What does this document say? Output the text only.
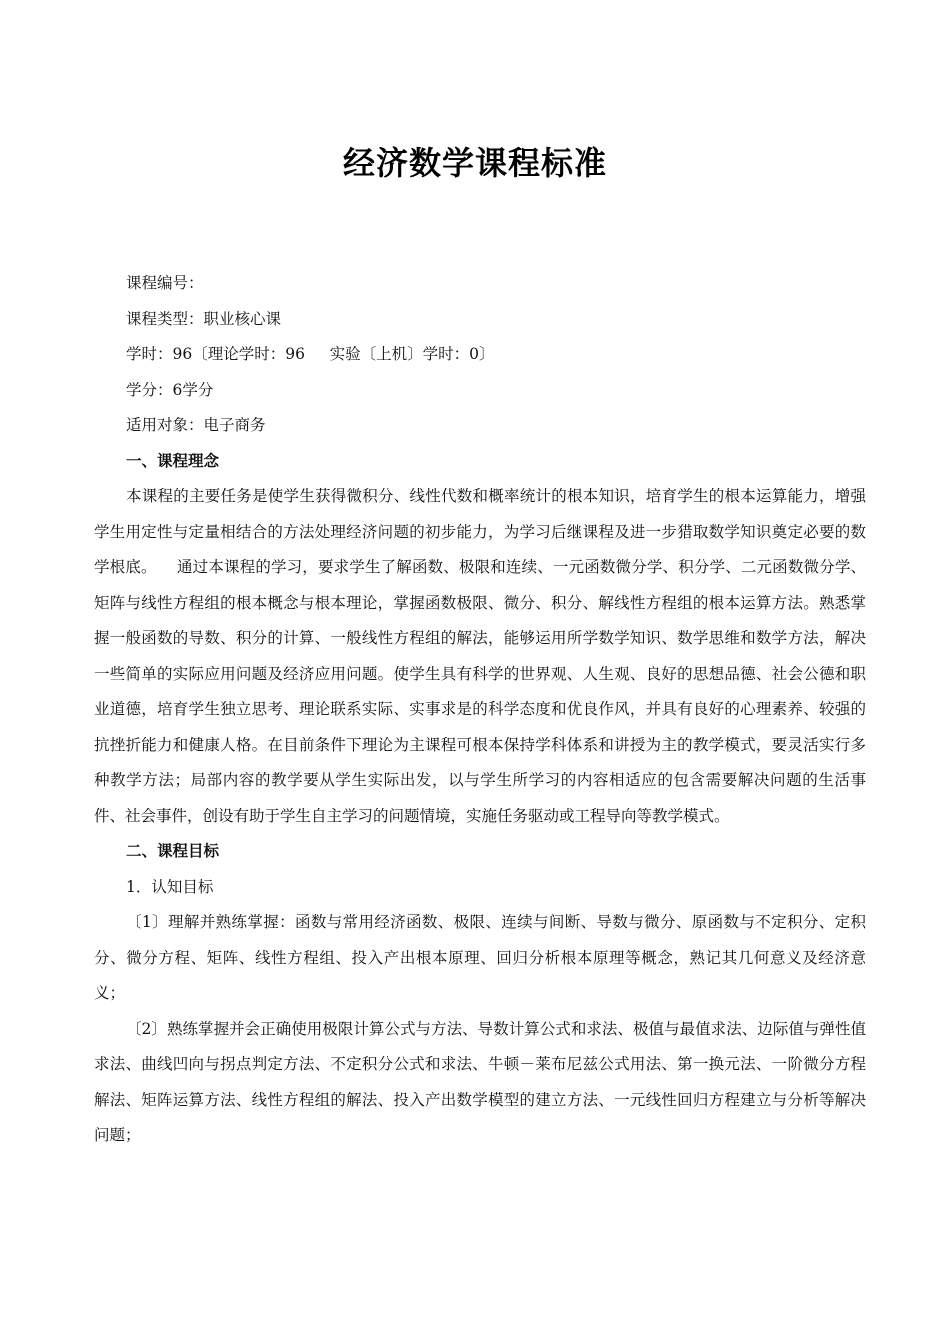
经济数学课程标准
课程编号：
课程类型：职业核心课
学时：96〔理论学时：96     实验〔上机〕学时：0〕
学分：6学分
适用对象：电子商务
一、课程理念
本课程的主要任务是使学生获得微积分、线性代数和概率统计的根本知识，培育学生的根本运算能力，增强学生用定性与定量相结合的方法处理经济问题的初步能力，为学习后继课程及进一步猎取数学知识奠定必要的数学根底。    通过本课程的学习，要求学生了解函数、极限和连续、一元函数微分学、积分学、二元函数微分学、矩阵与线性方程组的根本概念与根本理论，掌握函数极限、微分、积分、解线性方程组的根本运算方法。熟悉掌握一般函数的导数、积分的计算、一般线性方程组的解法，能够运用所学数学知识、数学思维和数学方法，解决一些简单的实际应用问题及经济应用问题。使学生具有科学的世界观、人生观、良好的思想品德、社会公德和职业道德，培育学生独立思考、理论联系实际、实事求是的科学态度和优良作风，并具有良好的心理素养、较强的抗挫折能力和健康人格。在目前条件下理论为主课程可根本保持学科体系和讲授为主的教学模式，要灵活实行多种教学方法；局部内容的教学要从学生实际出发，以与学生所学习的内容相适应的包含需要解决问题的生活事件、社会事件，创设有助于学生自主学习的问题情境，实施任务驱动或工程导向等教学模式。
二、课程目标
1．认知目标
〔1〕理解并熟练掌握：函数与常用经济函数、极限、连续与间断、导数与微分、原函数与不定积分、定积分、微分方程、矩阵、线性方程组、投入产出根本原理、回归分析根本原理等概念，熟记其几何意义及经济意义；
〔2〕熟练掌握并会正确使用极限计算公式与方法、导数计算公式和求法、极值与最值求法、边际值与弹性值求法、曲线凹向与拐点判定方法、不定积分公式和求法、牛顿－莱布尼兹公式用法、第一换元法、一阶微分方程解法、矩阵运算方法、线性方程组的解法、投入产出数学模型的建立方法、一元线性回归方程建立与分析等解决问题；
